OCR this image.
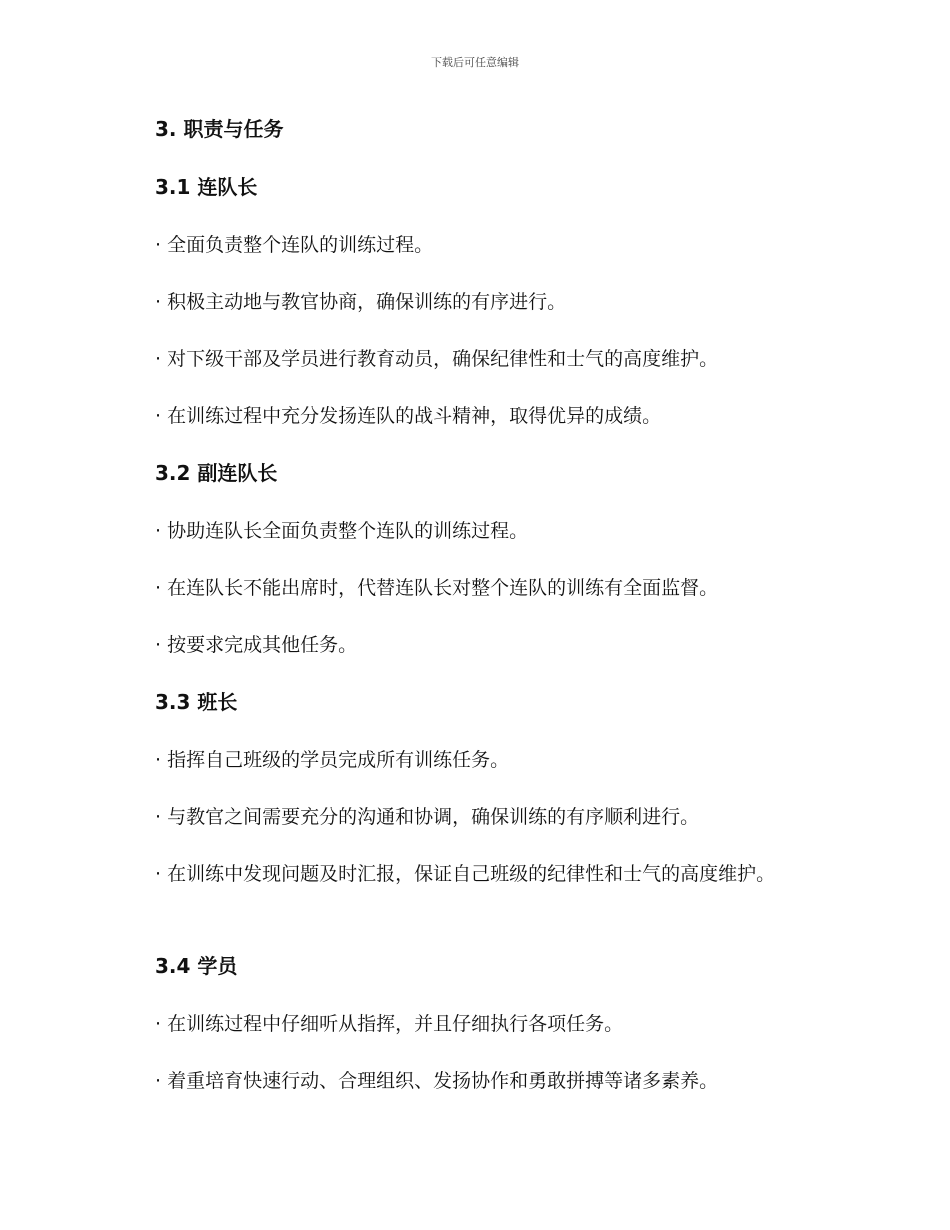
下载后可任意编辑
3. 职责与任务
3.1 连队长

· 全面负责整个连队的训练过程。

· 积极主动地与教官协商，确保训练的有序进行。

· 对下级干部及学员进行教育动员，确保纪律性和士气的高度维护。

· 在训练过程中充分发扬连队的战斗精神，取得优异的成绩。

3.2 副连队长

· 协助连队长全面负责整个连队的训练过程。

· 在连队长不能出席时，代替连队长对整个连队的训练有全面监督。

· 按要求完成其他任务。

3.3 班长

· 指挥自己班级的学员完成所有训练任务。

· 与教官之间需要充分的沟通和协调，确保训练的有序顺利进行。

· 在训练中发现问题及时汇报，保证自己班级的纪律性和士气的高度维护。

3.4 学员

· 在训练过程中仔细听从指挥，并且仔细执行各项任务。

· 着重培育快速行动、合理组织、发扬协作和勇敢拼搏等诸多素养。
